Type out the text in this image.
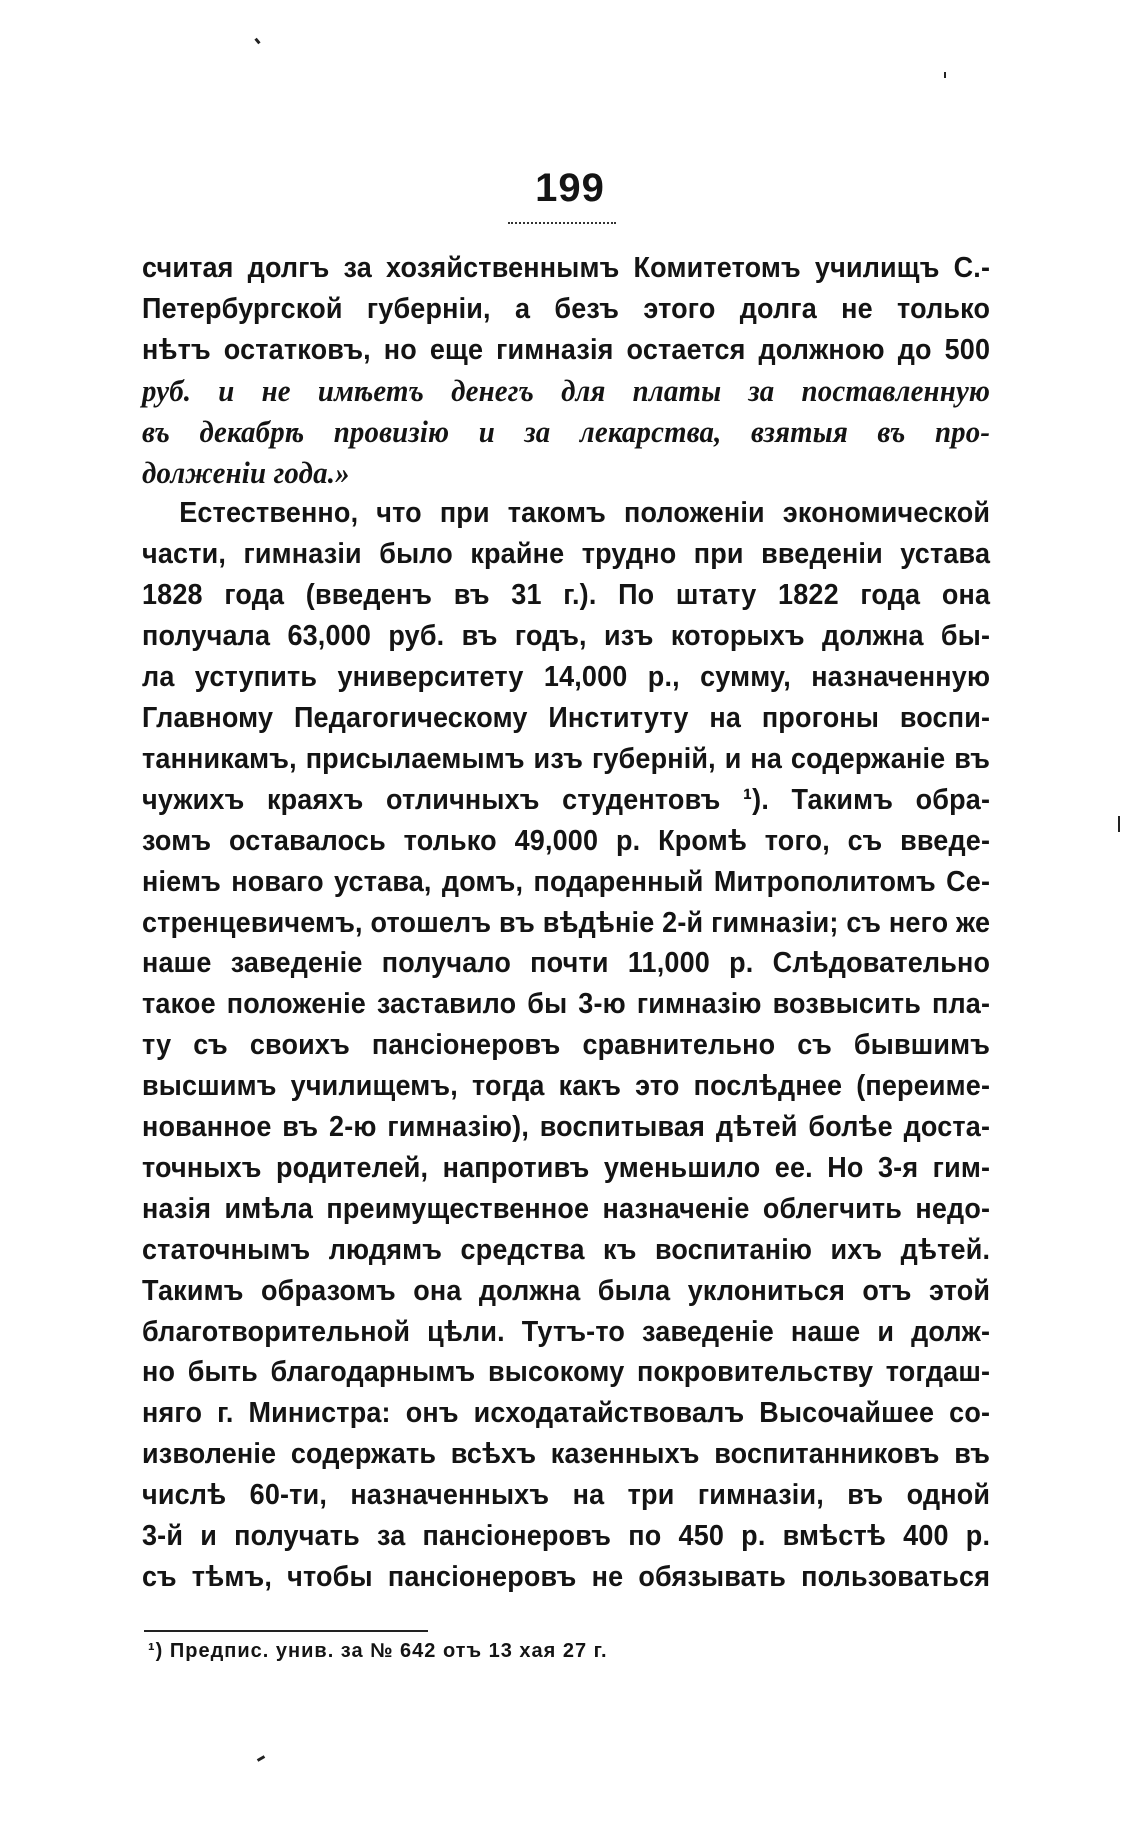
199
считая долгъ за хозяйственнымъ Комитетомъ училищъ С.-
Петербургской губерніи, а безъ этого долга не только
нѣтъ остатковъ, но еще гимназія остается должною до 500
руб. и не имѣетъ денегъ для платы за поставленную
въ декабрѣ провизію и за лекарства, взятыя въ про-
долженіи года.»
Естественно, что при такомъ положеніи экономической
части, гимназіи было крайне трудно при введеніи устава
1828 года (введенъ въ 31 г.). По штату 1822 года она
получала 63,000 руб. въ годъ, изъ которыхъ должна бы-
ла уступить университету 14,000 р., сумму, назначенную
Главному Педагогическому Институту на прогоны воспи-
танникамъ, присылаемымъ изъ губерній, и на содержаніе въ
чужихъ краяхъ отличныхъ студентовъ ¹). Такимъ обра-
зомъ оставалось только 49,000 р. Кромѣ того, съ введе-
ніемъ новаго устава, домъ, подаренный Митрополитомъ Се-
стренцевичемъ, отошелъ въ вѣдѣніе 2-й гимназіи; съ него же
наше заведеніе получало почти 11,000 р. Слѣдовательно
такое положеніе заставило бы 3-ю гимназію возвысить пла-
ту съ своихъ пансіонеровъ сравнительно съ бывшимъ
высшимъ училищемъ, тогда какъ это послѣднее (переиме-
нованное въ 2-ю гимназію), воспитывая дѣтей болѣе доста-
точныхъ родителей, напротивъ уменьшило ее. Но 3-я гим-
назія имѣла преимущественное назначеніе облегчить недо-
статочнымъ людямъ средства къ воспитанію ихъ дѣтей.
Такимъ образомъ она должна была уклониться отъ этой
благотворительной цѣли. Тутъ-то заведеніе наше и долж-
но быть благодарнымъ высокому покровительству тогдаш-
няго г. Министра: онъ исходатайствовалъ Высочайшее со-
изволеніе содержать всѣхъ казенныхъ воспитанниковъ въ
числѣ 60-ти, назначенныхъ на три гимназіи, въ одной
3-й и получать за пансіонеровъ по 450 р. вмѣстѣ 400 р.
съ тѣмъ, чтобы пансіонеровъ не обязывать пользоваться
¹) Предпис. унив. за № 642 отъ 13 хая 27 г.
